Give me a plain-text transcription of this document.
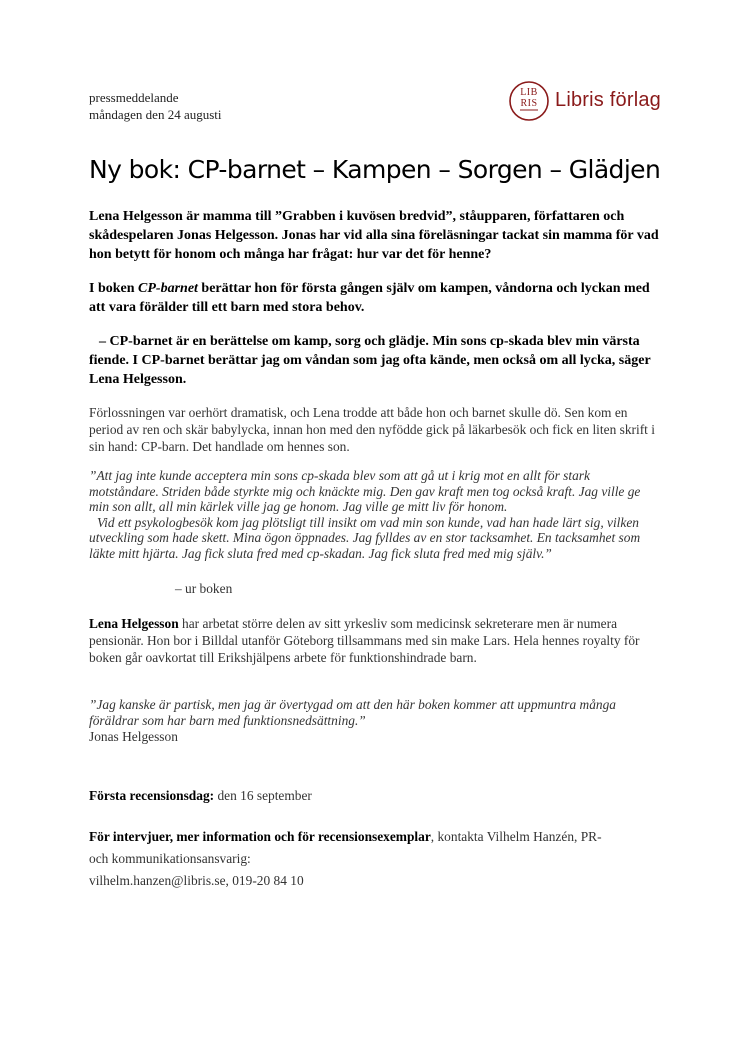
pressmeddelande
måndagen den 24 augusti
LIB
RIS Libris förlag
Ny bok: CP-barnet – Kampen – Sorgen – Glädjen

Lena Helgesson är mamma till ”Grabben i kuvösen bredvid”, ståupparen, författaren och skådespelaren Jonas Helgesson. Jonas har vid alla sina föreläsningar tackat sin mamma för vad hon betytt för honom och många har frågat: hur var det för henne?

I boken CP-barnet berättar hon för första gången själv om kampen, våndorna och lyckan med att vara förälder till ett barn med stora behov.

– CP-barnet är en berättelse om kamp, sorg och glädje. Min sons cp-skada blev min värsta fiende. I CP-barnet berättar jag om våndan som jag ofta kände, men också om all lycka, säger Lena Helgesson.

Förlossningen var oerhört dramatisk, och Lena trodde att både hon och barnet skulle dö. Sen kom en period av ren och skär babylycka, innan hon med den nyfödde gick på läkarbesök och fick en liten skrift i sin hand: CP-barn. Det handlade om hennes son.

”Att jag inte kunde acceptera min sons cp-skada blev som att gå ut i krig mot en allt för stark motståndare. Striden både styrkte mig och knäckte mig. Den gav kraft men tog också kraft. Jag ville ge min son allt, all min kärlek ville jag ge honom. Jag ville ge mitt liv för honom.
Vid ett psykologbesök kom jag plötsligt till insikt om vad min son kunde, vad han hade lärt sig, vilken utveckling som hade skett. Mina ögon öppnades. Jag fylldes av en stor tacksamhet. En tacksamhet som läkte mitt hjärta. Jag fick sluta fred med cp-skadan. Jag fick sluta fred med mig själv.”
– ur boken

Lena Helgesson har arbetat större delen av sitt yrkesliv som medicinsk sekreterare men är numera pensionär. Hon bor i Billdal utanför Göteborg tillsammans med sin make Lars. Hela hennes royalty för boken går oavkortat till Erikshjälpens arbete för funktionshindrade barn.

”Jag kanske är partisk, men jag är övertygad om att den här boken kommer att uppmuntra många föräldrar som har barn med funktionsnedsättning.”
Jonas Helgesson

Första recensionsdag: den 16 september

För intervjuer, mer information och för recensionsexemplar, kontakta Vilhelm Hanzén, PR-
och kommunikationsansvarig:
vilhelm.hanzen@libris.se, 019-20 84 10
